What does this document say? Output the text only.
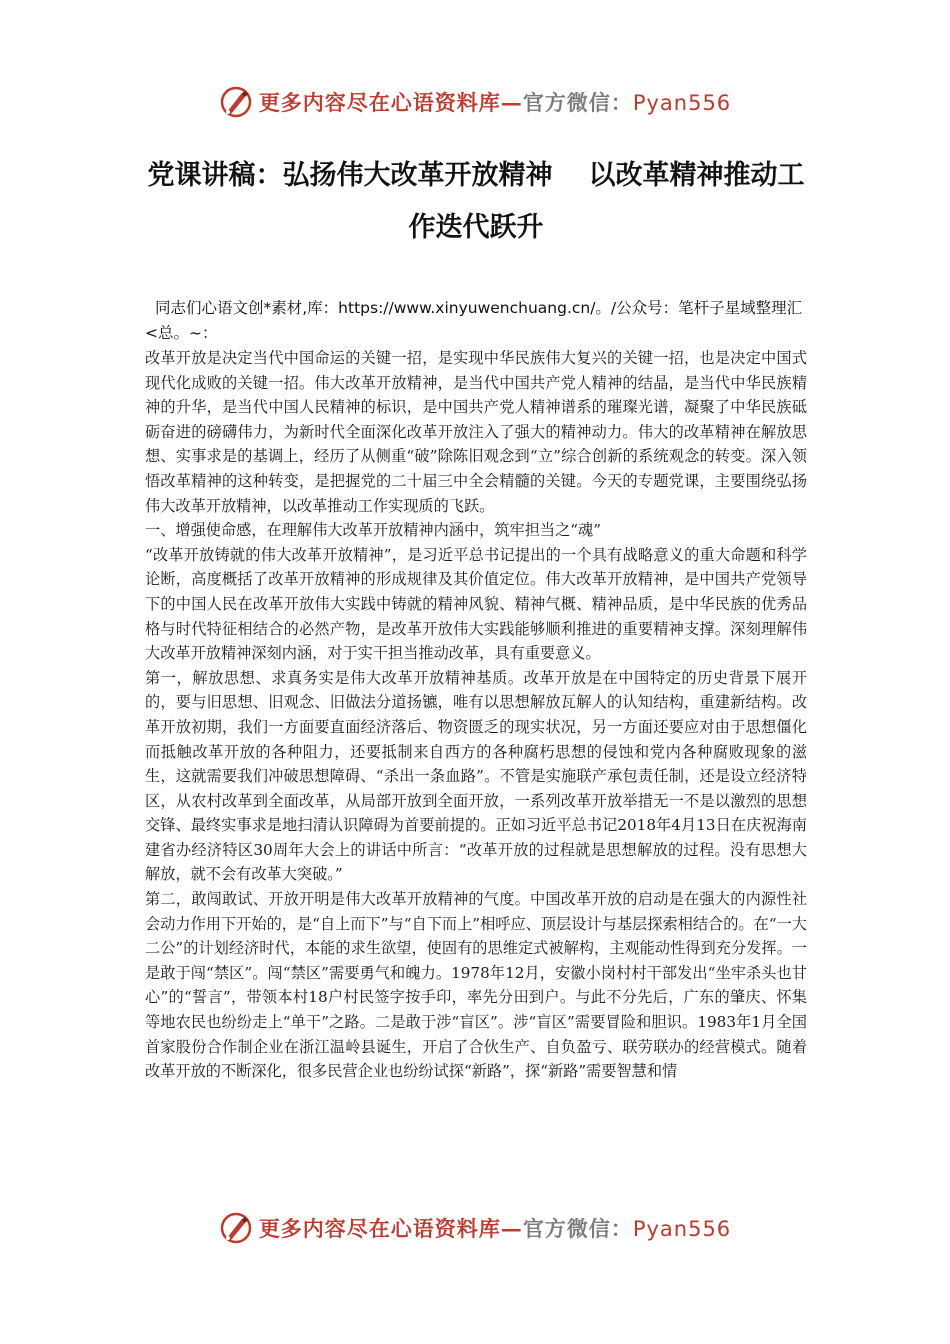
更多内容尽在心语资料库—官方微信：Pyan556
党课讲稿：弘扬伟大改革开放精神 以改革精神推动工作迭代跃升
同志们心语文创*素材,库：https://www.xinyuwenchuang.cn/。/公众号：笔杆子星域整理汇<总。~：

改革开放是决定当代中国命运的关键一招，是实现中华民族伟大复兴的关键一招，也是决定中国式现代化成败的关键一招。伟大改革开放精神，是当代中国共产党人精神的结晶，是当代中华民族精神的升华，是当代中国人民精神的标识，是中国共产党人精神谱系的璀璨光谱，凝聚了中华民族砥砺奋进的磅礴伟力，为新时代全面深化改革开放注入了强大的精神动力。伟大的改革精神在解放思想、实事求是的基调上，经历了从侧重“破”除陈旧观念到“立”综合创新的系统观念的转变。深入领悟改革精神的这种转变，是把握党的二十届三中全会精髓的关键。今天的专题党课，主要围绕弘扬伟大改革开放精神，以改革推动工作实现质的飞跃。

一、增强使命感，在理解伟大改革开放精神内涵中，筑牢担当之“魂”

“改革开放铸就的伟大改革开放精神”，是习近平总书记提出的一个具有战略意义的重大命题和科学论断，高度概括了改革开放精神的形成规律及其价值定位。伟大改革开放精神，是中国共产党领导下的中国人民在改革开放伟大实践中铸就的精神风貌、精神气概、精神品质，是中华民族的优秀品格与时代特征相结合的必然产物，是改革开放伟大实践能够顺利推进的重要精神支撑。深刻理解伟大改革开放精神深刻内涵，对于实干担当推动改革，具有重要意义。

第一，解放思想、求真务实是伟大改革开放精神基质。改革开放是在中国特定的历史背景下展开的，要与旧思想、旧观念、旧做法分道扬镳，唯有以思想解放瓦解人的认知结构，重建新结构。改革开放初期，我们一方面要直面经济落后、物资匮乏的现实状况，另一方面还要应对由于思想僵化而抵触改革开放的各种阻力，还要抵制来自西方的各种腐朽思想的侵蚀和党内各种腐败现象的滋生，这就需要我们冲破思想障碍、“杀出一条血路”。不管是实施联产承包责任制，还是设立经济特区，从农村改革到全面改革，从局部开放到全面开放，一系列改革开放举措无一不是以激烈的思想交锋、最终实事求是地扫清认识障碍为首要前提的。正如习近平总书记2018年4月13日在庆祝海南建省办经济特区30周年大会上的讲话中所言：“改革开放的过程就是思想解放的过程。没有思想大解放，就不会有改革大突破。”

第二，敢闯敢试、开放开明是伟大改革开放精神的气度。中国改革开放的启动是在强大的内源性社会动力作用下开始的，是“自上而下”与“自下而上”相呼应、顶层设计与基层探索相结合的。在“一大二公”的计划经济时代，本能的求生欲望，使固有的思维定式被解构，主观能动性得到充分发挥。一是敢于闯“禁区”。闯“禁区”需要勇气和魄力。1978年12月，安徽小岗村村干部发出“坐牢杀头也甘心”的“誓言”，带领本村18户村民签字按手印，率先分田到户。与此不分先后，广东的肇庆、怀集等地农民也纷纷走上“单干”之路。二是敢于涉“盲区”。涉“盲区”需要冒险和胆识。1983年1月全国首家股份合作制企业在浙江温岭县诞生，开启了合伙生产、自负盈亏、联劳联办的经营模式。随着改革开放的不断深化，很多民营企业也纷纷试探“新路”，探“新路”需要智慧和情

更多内容尽在心语资料库—官方微信：Pyan556
